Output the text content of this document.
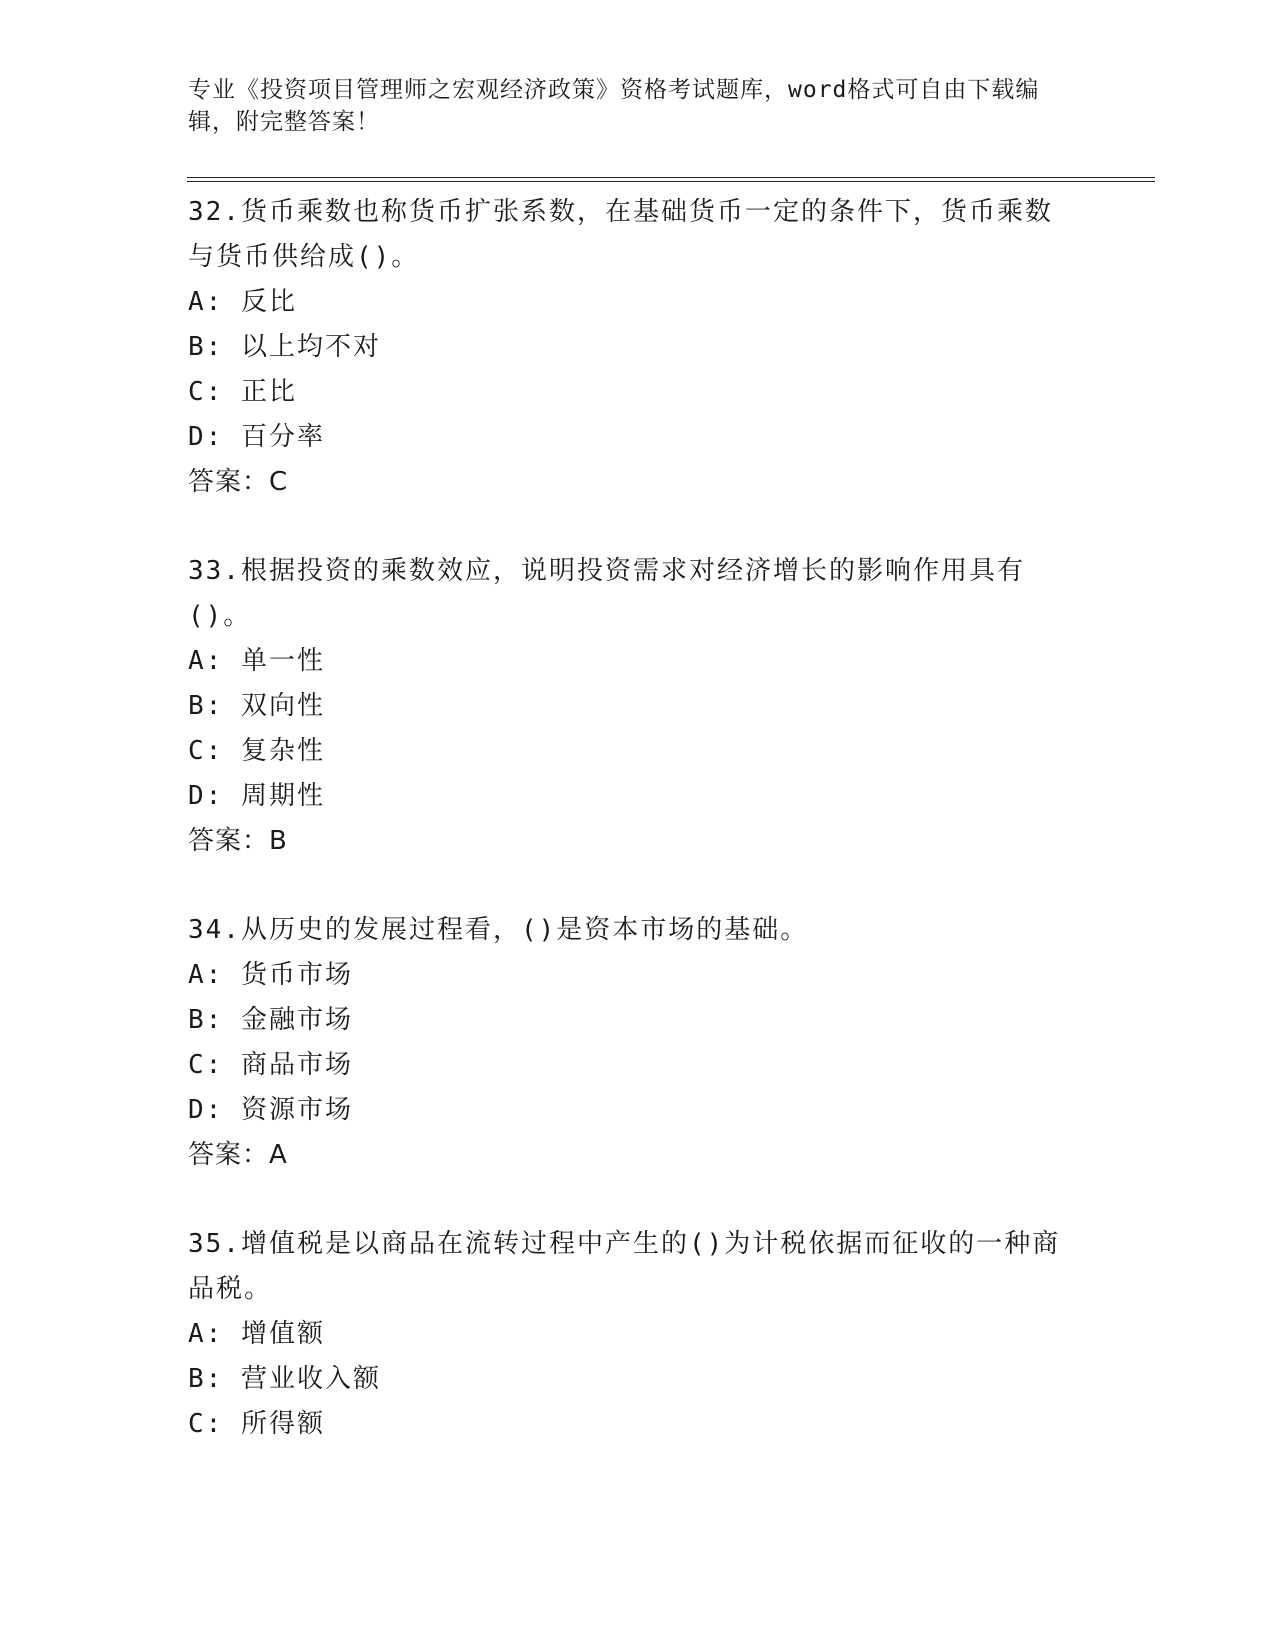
专业《投资项目管理师之宏观经济政策》资格考试题库，word格式可自由下载编辑，附完整答案！

32.货币乘数也称货币扩张系数，在基础货币一定的条件下，货币乘数与货币供给成()。

A: 反比

B: 以上均不对

C: 正比

D: 百分率

答案：C

33.根据投资的乘数效应，说明投资需求对经济增长的影响作用具有()。

A: 单一性

B: 双向性

C: 复杂性

D: 周期性

答案：B

34.从历史的发展过程看，()是资本市场的基础。

A: 货币市场

B: 金融市场

C: 商品市场

D: 资源市场

答案：A

35.增值税是以商品在流转过程中产生的()为计税依据而征收的一种商品税。

A: 增值额

B: 营业收入额

C: 所得额
